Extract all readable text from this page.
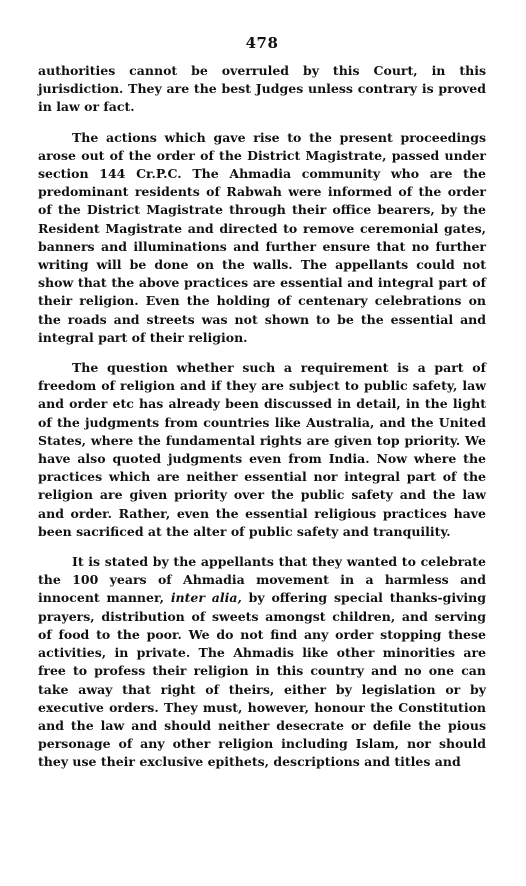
478

authorities cannot be overruled by this Court, in this jurisdiction. They are the best Judges unless contrary is proved in law or fact.

The actions which gave rise to the present proceedings arose out of the order of the District Magistrate, passed under section 144 Cr.P.C. The Ahmadia community who are the predominant residents of Rabwah were informed of the order of the District Magistrate through their office bearers, by the Resident Magistrate and directed to remove ceremonial gates, banners and illuminations and further ensure that no further writing will be done on the walls. The appellants could not show that the above practices are essential and integral part of their religion. Even the holding of centenary celebrations on the roads and streets was not shown to be the essential and integral part of their religion.

The question whether such a requirement is a part of freedom of religion and if they are subject to public safety, law and order etc has already been discussed in detail, in the light of the judgments from countries like Australia, and the United States, where the fundamental rights are given top priority. We have also quoted judgments even from India. Now where the practices which are neither essential nor integral part of the religion are given priority over the public safety and the law and order. Rather, even the essential religious practices have been sacrificed at the alter of public safety and tranquility.

It is stated by the appellants that they wanted to celebrate the 100 years of Ahmadia movement in a harmless and innocent manner, inter alia, by offering special thanks-giving prayers, distribution of sweets amongst children, and serving of food to the poor. We do not find any order stopping these activities, in private. The Ahmadis like other minorities are free to profess their religion in this country and no one can take away that right of theirs, either by legislation or by executive orders. They must, however, honour the Constitution and the law and should neither desecrate or defile the pious personage of any other religion including Islam, nor should they use their exclusive epithets, descriptions and titles and
